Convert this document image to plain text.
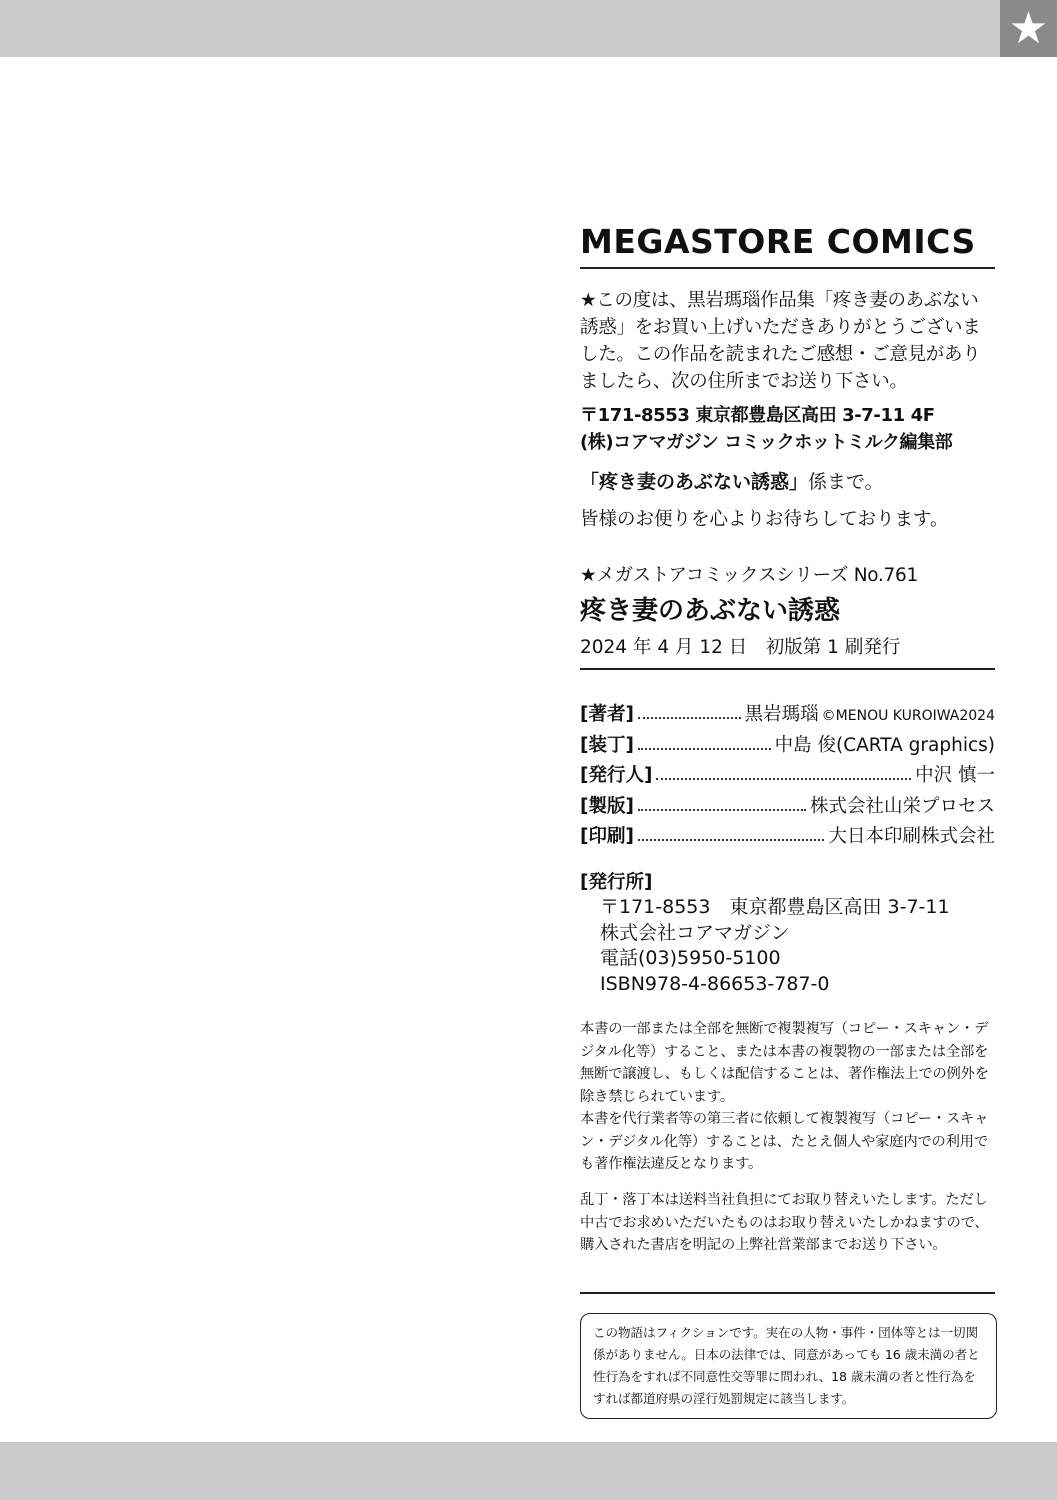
★
MEGASTORE COMICS
★この度は、黒岩瑪瑙作品集「疼き妻のあぶない誘惑」をお買い上げいただきありがとうございました。この作品を読まれたご感想・ご意見がありましたら、次の住所までお送り下さい。
〒171-8553 東京都豊島区高田 3-7-11 4F
(株)コアマガジン コミックホットミルク編集部
「疼き妻のあぶない誘惑」係まで。
皆様のお便りを心よりお待ちしております。
★メガストアコミックスシリーズ No.761
疼き妻のあぶない誘惑
2024 年 4 月 12 日　初版第 1 刷発行
[著者]	黒岩瑪瑙 ©MENOU KUROIWA2024
[装丁]	中島 俊(CARTA graphics)
[発行人]	中沢 慎一
[製版]	株式会社山栄プロセス
[印刷]	大日本印刷株式会社
[発行所]
〒171-8553　東京都豊島区高田 3-7-11
株式会社コアマガジン
電話(03)5950-5100
ISBN978-4-86653-787-0

本書の一部または全部を無断で複製複写（コピー・スキャン・デジタル化等）すること、または本書の複製物の一部または全部を無断で譲渡し、もしくは配信することは、著作権法上での例外を除き禁じられています。

本書を代行業者等の第三者に依頼して複製複写（コピー・スキャン・デジタル化等）することは、たとえ個人や家庭内での利用でも著作権法違反となります。

乱丁・落丁本は送料当社負担にてお取り替えいたします。ただし中古でお求めいただいたものはお取り替えいたしかねますので、購入された書店を明記の上弊社営業部までお送り下さい。
この物語はフィクションです。実在の人物・事件・団体等とは一切関係がありません。日本の法律では、同意があっても 16 歳未満の者と性行為をすれば不同意性交等罪に問われ、18 歳未満の者と性行為をすれば都道府県の淫行処罰規定に該当します。
